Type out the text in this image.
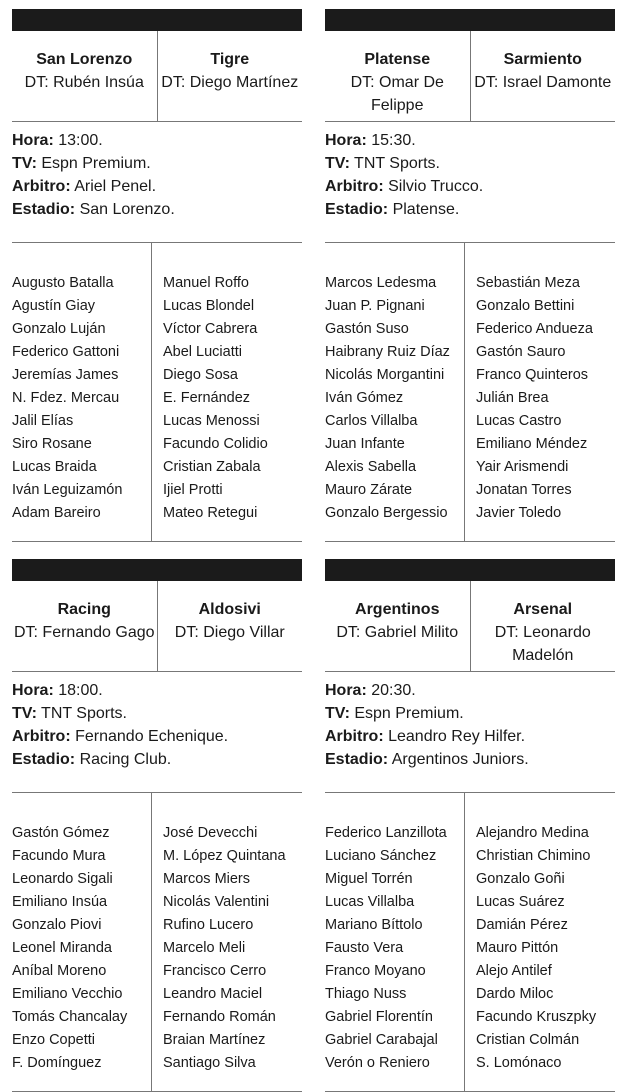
San Lorenzo
DT: Rubén Insúa
Tigre
DT: Diego Martínez
Hora: 13:00.
TV: Espn Premium.
Arbitro: Ariel Penel.
Estadio: San Lorenzo.
Augusto Batalla
Agustín Giay
Gonzalo Luján
Federico Gattoni
Jeremías James
N. Fdez. Mercau
Jalil Elías
Siro Rosane
Lucas Braida
Iván Leguizamón
Adam Bareiro
Manuel Roffo
Lucas Blondel
Víctor Cabrera
Abel Luciatti
Diego Sosa
E. Fernández
Lucas Menossi
Facundo Colidio
Cristian Zabala
Ijiel Protti
Mateo Retegui
Platense
DT: Omar De Felippe
Sarmiento
DT: Israel Damonte
Hora: 15:30.
TV: TNT Sports.
Arbitro: Silvio Trucco.
Estadio: Platense.
Marcos Ledesma
Juan P. Pignani
Gastón Suso
Haibrany Ruiz Díaz
Nicolás Morgantini
Iván Gómez
Carlos Villalba
Juan Infante
Alexis Sabella
Mauro Zárate
Gonzalo Bergessio
Sebastián Meza
Gonzalo Bettini
Federico Andueza
Gastón Sauro
Franco Quinteros
Julián Brea
Lucas Castro
Emiliano Méndez
Yair Arismendi
Jonatan Torres
Javier Toledo
Racing
DT: Fernando Gago
Aldosivi
DT: Diego Villar
Hora: 18:00.
TV: TNT Sports.
Arbitro: Fernando Echenique.
Estadio: Racing Club.
Gastón Gómez
Facundo Mura
Leonardo Sigali
Emiliano Insúa
Gonzalo Piovi
Leonel Miranda
Aníbal Moreno
Emiliano Vecchio
Tomás Chancalay
Enzo Copetti
F. Domínguez
José Devecchi
M. López Quintana
Marcos Miers
Nicolás Valentini
Rufino Lucero
Marcelo Meli
Francisco Cerro
Leandro Maciel
Fernando Román
Braian Martínez
Santiago Silva
Argentinos
DT: Gabriel Milito
Arsenal
DT: Leonardo Madelón
Hora: 20:30.
TV: Espn Premium.
Arbitro: Leandro Rey Hilfer.
Estadio: Argentinos Juniors.
Federico Lanzillota
Luciano Sánchez
Miguel Torrén
Lucas Villalba
Mariano Bíttolo
Fausto Vera
Franco Moyano
Thiago Nuss
Gabriel Florentín
Gabriel Carabajal
Verón o Reniero
Alejandro Medina
Christian Chimino
Gonzalo Goñi
Lucas Suárez
Damián Pérez
Mauro Pittón
Alejo Antilef
Dardo Miloc
Facundo Kruszpky
Cristian Colmán
S. Lomónaco
